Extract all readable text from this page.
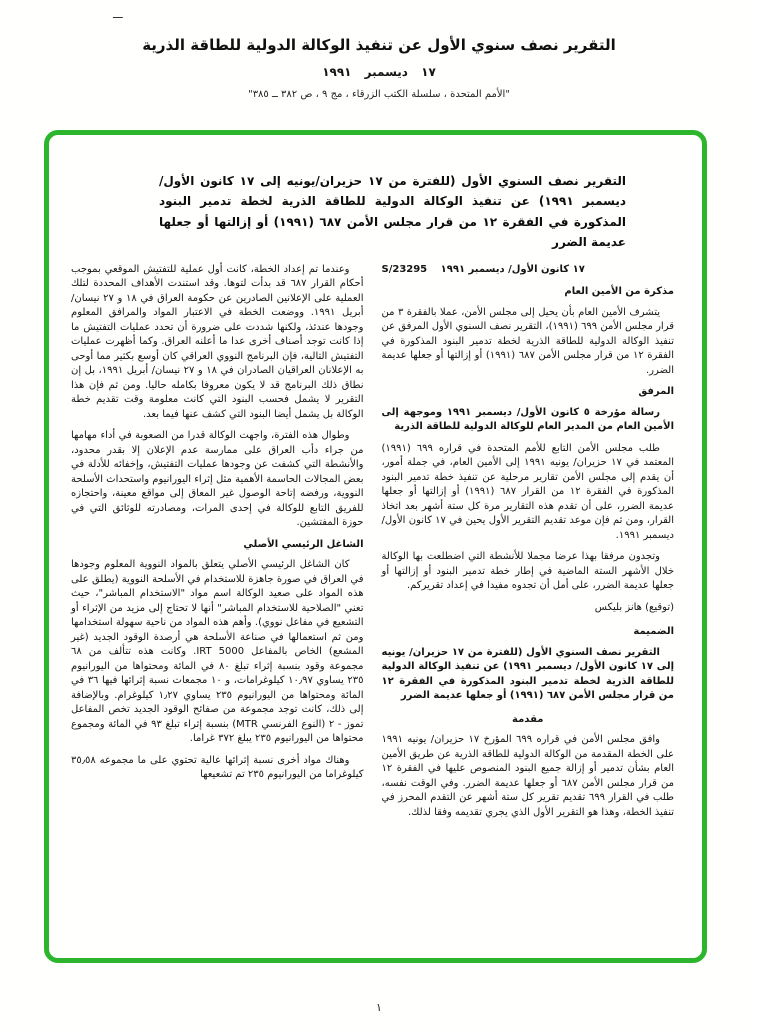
ـــ
التقرير نصف سنوي الأول عن تنفيذ الوكالة الدولية للطاقة الذرية
١٧ ديسمبر ١٩٩١
"الأمم المتحدة ، سلسلة الكتب الزرقاء ، مج ٩ ، ص ٣٨٢ ــ ٣٨٥"
التقرير نصف السنوي الأول (للفترة من ١٧ حزيران/يونيه إلى ١٧ كانون الأول/ ديسمبر ١٩٩١) عن تنفيذ الوكالة الدولية للطاقة الذرية لخطة تدمير البنود المذكورة في الفقرة ١٢ من قرار مجلس الأمن ٦٨٧ (١٩٩١) أو إزالتها أو جعلها عديمة الضرر
١٧ كانون الأول/ ديسمبر ١٩٩١ S/23295
مذكرة من الأمين العام

يتشرف الأمين العام بأن يحيل إلى مجلس الأمن، عملا بالفقرة ٣ من قرار مجلس الأمن ٦٩٩ (١٩٩١)، التقرير نصف السنوي الأول المرفق عن تنفيذ الوكالة الدولية للطاقة الذرية لخطة تدمير البنود المذكورة في الفقرة ١٢ من قرار مجلس الأمن ٦٨٧ (١٩٩١) أو إزالتها أو جعلها عديمة الضرر.

المرفق

رسالة مؤرخة ٥ كانون الأول/ ديسمبر ١٩٩١ وموجهة إلى الأمين العام من المدير العام للوكالة الدولية للطاقة الذرية

طلب مجلس الأمن التابع للأمم المتحدة في قراره ٦٩٩ (١٩٩١) المعتمد في ١٧ حزيران/ يونيه ١٩٩١ إلى الأمين العام، في جملة أمور، أن يقدم إلى مجلس الأمن تقارير مرحلية عن تنفيذ خطة تدمير البنود المذكورة في الفقرة ١٢ من القرار ٦٨٧ (١٩٩١) أو إزالتها أو جعلها عديمة الضرر، على أن تقدم هذه التقارير مرة كل ستة أشهر بعد اتخاذ القرار، ومن ثم فإن موعد تقديم التقرير الأول يحين في ١٧ كانون الأول/ ديسمبر ١٩٩١.

وتجدون مرفقا بهذا عرضا مجملا للأنشطة التي اضطلعت بها الوكالة خلال الأشهر الستة الماضية في إطار خطة تدمير البنود أو إزالتها أو جعلها عديمة الضرر، على أمل أن تجدوه مفيدا في إعداد تقريركم.

(توقيع) هانز بليكس
الضميمة

التقرير نصف السنوي الأول (للفترة من ١٧ حزيران/ يونيه إلى ١٧ كانون الأول/ ديسمبر ١٩٩١) عن تنفيذ الوكالة الدولية للطاقة الذرية لخطة تدمير البنود المذكورة في الفقرة ١٢ من قرار مجلس الأمن ٦٨٧ (١٩٩١) أو جعلها عديمة الضرر

مقدمة

وافق مجلس الأمن في قراره ٦٩٩ المؤرخ ١٧ حزيران/ يونيه ١٩٩١ على الخطة المقدمة من الوكالة الدولية للطاقة الذرية عن طريق الأمين العام بشأن تدمير أو إزالة جميع البنود المنصوص عليها في الفقرة ١٢ من قرار مجلس الأمن ٦٨٧ أو جعلها عديمة الضرر. وفي الوقت نفسه، طلب في القرار ٦٩٩ تقديم تقرير كل ستة أشهر عن التقدم المحرز في تنفيذ الخطة، وهذا هو التقرير الأول الذي يجري تقديمه وفقا لذلك.

وعندما تم إعداد الخطة، كانت أول عملية للتفتيش الموقعي بموجب أحكام القرار ٦٨٧ قد بدأت لتوها. وقد استندت الأهداف المحددة لتلك العملية على الإعلانين الصادرين عن حكومة العراق في ١٨ و ٢٧ نيسان/ أبريل ١٩٩١. ووضعت الخطة في الاعتبار المواد والمرافق المعلوم وجودها عندئذ، ولكنها شددت على ضرورة أن تحدد عمليات التفتيش ما إذا كانت توجد أصناف أخرى عدا ما أعلنه العراق. وكما أظهرت عمليات التفتيش التالية، فإن البرنامج النووي العراقي كان أوسع بكثير مما أوحى به الإعلانان العراقيان الصادران في ١٨ و ٢٧ نيسان/ أبريل ١٩٩١، بل إن نطاق ذلك البرنامج قد لا يكون معروفا بكامله حاليا. ومن ثم فإن هذا التقرير لا يشمل فحسب البنود التي كانت معلومة وقت تقديم خطة الوكالة بل يشمل أيضا البنود التي كشف عنها فيما بعد.

وطوال هذه الفترة، واجهت الوكالة قدرا من الصعوبة في أداء مهامها من جراء دأب العراق على ممارسة عدم الإعلان إلا بقدر محدود، والأنشطة التي كشفت عن وجودها عمليات التفتيش، وإخفائه للأدلة في بعض المجالات الحاسمة الأهمية مثل إثراء اليورانيوم واستحداث الأسلحة النووية، ورفضه إتاحة الوصول غير المعاق إلى مواقع معينة، واحتجازه للفريق التابع للوكالة في إحدى المرات، ومصادرته للوثائق التي في حوزة المفتشين.

الشاغل الرئيسي الأصلي

كان الشاغل الرئيسي الأصلي يتعلق بالمواد النووية المعلوم وجودها في العراق في صورة جاهزة للاستخدام في الأسلحة النووية (يطلق على هذه المواد على صعيد الوكالة اسم مواد "الاستخدام المباشر"، حيث تعني "الصلاحية للاستخدام المباشر" أنها لا تحتاج إلى مزيد من الإثراء أو التشعيع في مفاعل نووي). وأهم هذه المواد من ناحية سهولة استخدامها ومن ثم استعمالها في صناعة الأسلحة هي أرصدة الوقود الجديد (غير المشعع) الخاص بالمفاعل IRT 5000. وكانت هذه تتألف من ٦٨ مجموعة وقود بنسبة إثراء تبلغ ٨٠ في المائة ومحتواها من اليورانيوم ٢٣٥ يساوي ١٠٫٩٧ كيلوغرامات، و ١٠ مجمعات نسبة إثرائها فيها ٣٦ في المائة ومحتواها من اليورانيوم ٢٣٥ يساوي ١٫٢٧ كيلوغرام. وبالإضافة إلى ذلك، كانت توجد مجموعة من صفائح الوقود الجديد تخص المفاعل تموز - ٢ (النوع الفرنسي MTR) بنسبة إثراء تبلغ ٩٣ في المائة ومجموع محتواها من اليورانيوم ٢٣٥ يبلغ ٣٧٢ غراما.

وهناك مواد أخرى نسبة إثرائها عالية تحتوي على ما مجموعه ٣٥٫٥٨ كيلوغراما من اليورانيوم ٢٣٥ تم تشعيعها

١
